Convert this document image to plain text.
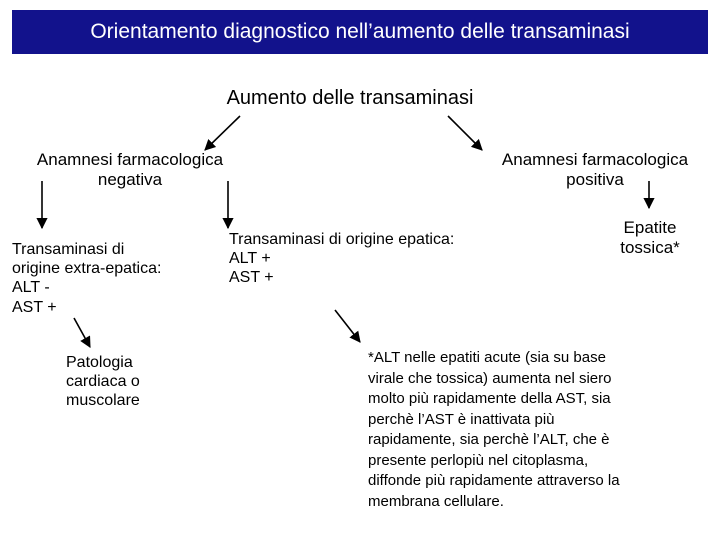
Orientamento diagnostico nell’aumento delle transaminasi
Aumento delle transaminasi
Anamnesi farmacologica
negativa
Anamnesi farmacologica
positiva
Transaminasi di
origine extra-epatica:
ALT -
AST +
Transaminasi di origine epatica:
ALT +
AST +
Epatite
tossica*
Patologia
cardiaca o
muscolare
*ALT nelle epatiti acute (sia su base
virale che tossica) aumenta nel siero
molto più rapidamente della AST, sia
perchè l’AST è inattivata più
rapidamente, sia perchè l’ALT, che è
presente perlopiù nel citoplasma,
diffonde più rapidamente attraverso la
membrana cellulare.
